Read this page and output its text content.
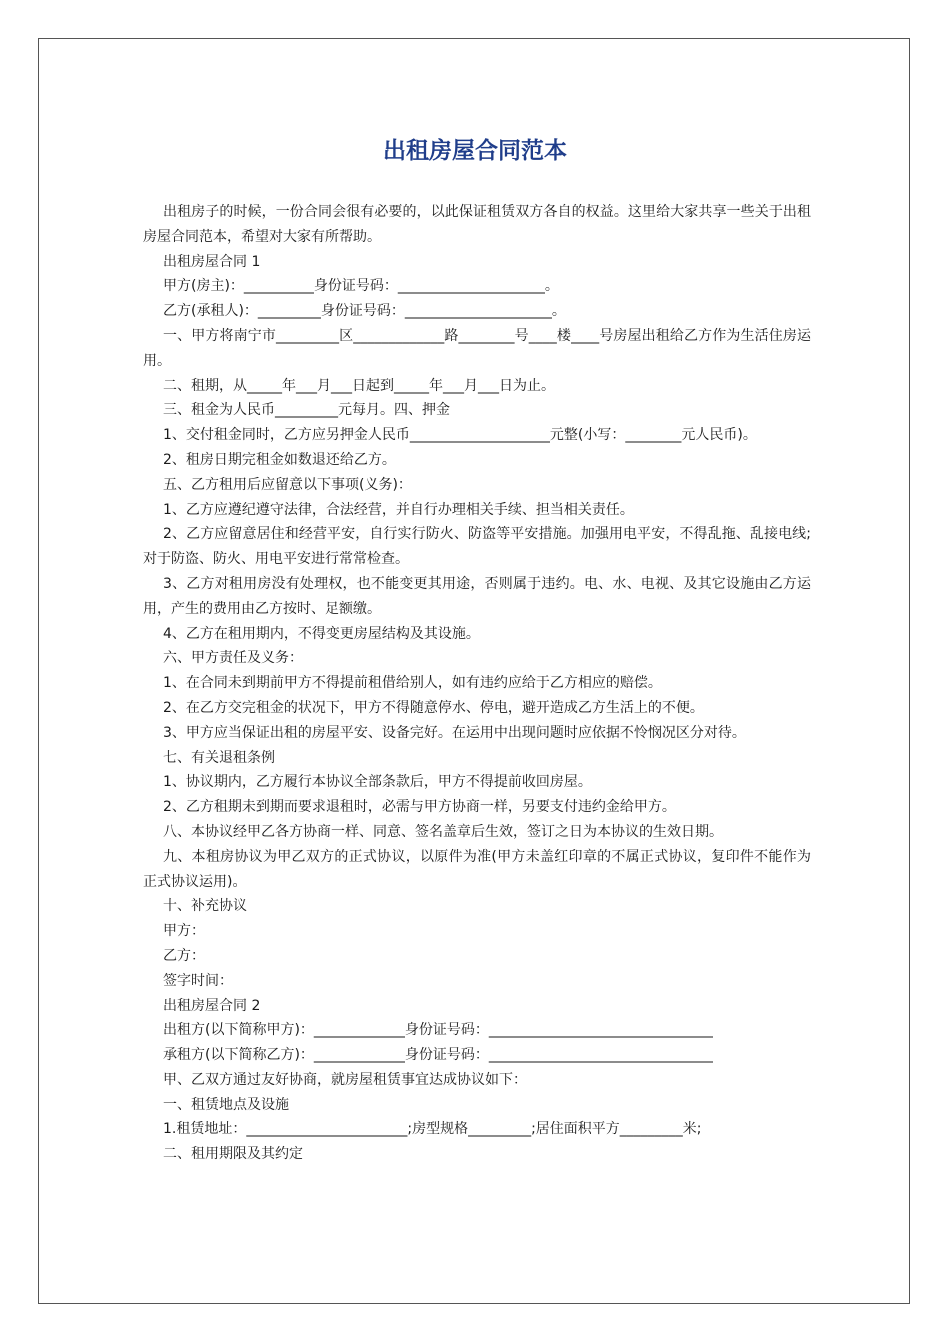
出租房屋合同范本

出租房子的时候，一份合同会很有必要的，以此保证租赁双方各自的权益。这里给大家共享一些关于出租房屋合同范本，希望对大家有所帮助。

出租房屋合同 1

甲方(房主)：__________身份证号码：_____________________。

乙方(承租人)：_________身份证号码：_____________________。

一、甲方将南宁市_________区_____________路________号____楼____号房屋出租给乙方作为生活住房运用。

二、租期，从_____年___月___日起到_____年___月___日为止。

三、租金为人民币_________元每月。四、押金

1、交付租金同时，乙方应另押金人民币____________________元整(小写：________元人民币)。

2、租房日期完租金如数退还给乙方。

五、乙方租用后应留意以下事项(义务)：

1、乙方应遵纪遵守法律，合法经营，并自行办理相关手续、担当相关责任。

2、乙方应留意居住和经营平安，自行实行防火、防盗等平安措施。加强用电平安，不得乱拖、乱接电线;对于防盗、防火、用电平安进行常常检查。

3、乙方对租用房没有处理权，也不能变更其用途，否则属于违约。电、水、电视、及其它设施由乙方运用，产生的费用由乙方按时、足额缴。

4、乙方在租用期内，不得变更房屋结构及其设施。

六、甲方责任及义务：

1、在合同未到期前甲方不得提前租借给别人，如有违约应给于乙方相应的赔偿。

2、在乙方交完租金的状况下，甲方不得随意停水、停电，避开造成乙方生活上的不便。

3、甲方应当保证出租的房屋平安、设备完好。在运用中出现问题时应依据不怜悯况区分对待。

七、有关退租条例

1、协议期内，乙方履行本协议全部条款后，甲方不得提前收回房屋。

2、乙方租期未到期而要求退租时，必需与甲方协商一样，另要支付违约金给甲方。

八、本协议经甲乙各方协商一样、同意、签名盖章后生效，签订之日为本协议的生效日期。

九、本租房协议为甲乙双方的正式协议，以原件为准(甲方未盖红印章的不属正式协议，复印件不能作为正式协议运用)。

十、补充协议

甲方：

乙方：

签字时间：

出租房屋合同 2

出租方(以下简称甲方)：_____________身份证号码：________________________________

承租方(以下简称乙方)：_____________身份证号码：________________________________

甲、乙双方通过友好协商，就房屋租赁事宜达成协议如下：

一、租赁地点及设施

1.租赁地址：_______________________;房型规格_________;居住面积平方_________米;

二、租用期限及其约定
